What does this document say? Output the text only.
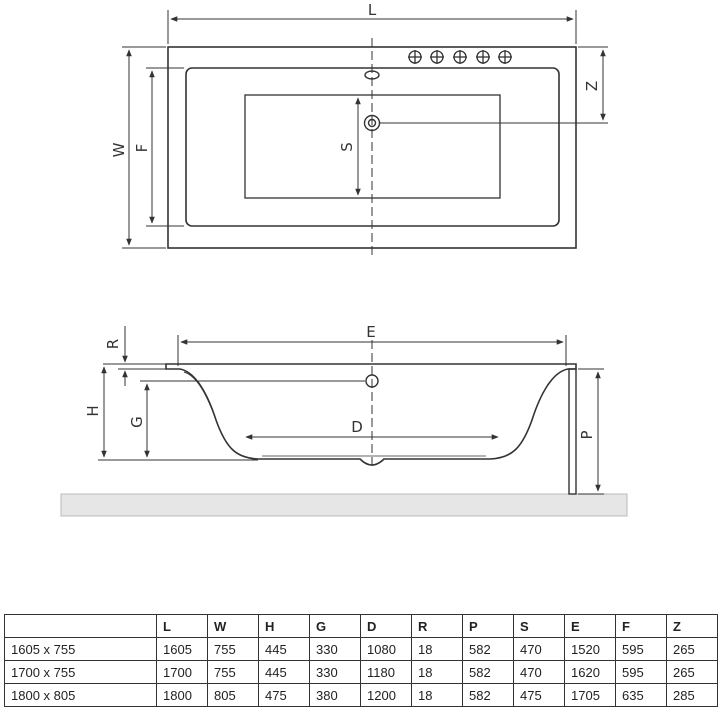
L
W F	S
Z
E
R
H
G	D	P
	L	W	H	G	D	R	P	S	E	F	Z
1605 x 755	1605	755	445	330	1080	18	582	470	1520	595	265
1700 x 755	1700	755	445	330	1180	18	582	470	1620	595	265
1800 x 805	1800	805	475	380	1200	18	582	475	1705	635	285
